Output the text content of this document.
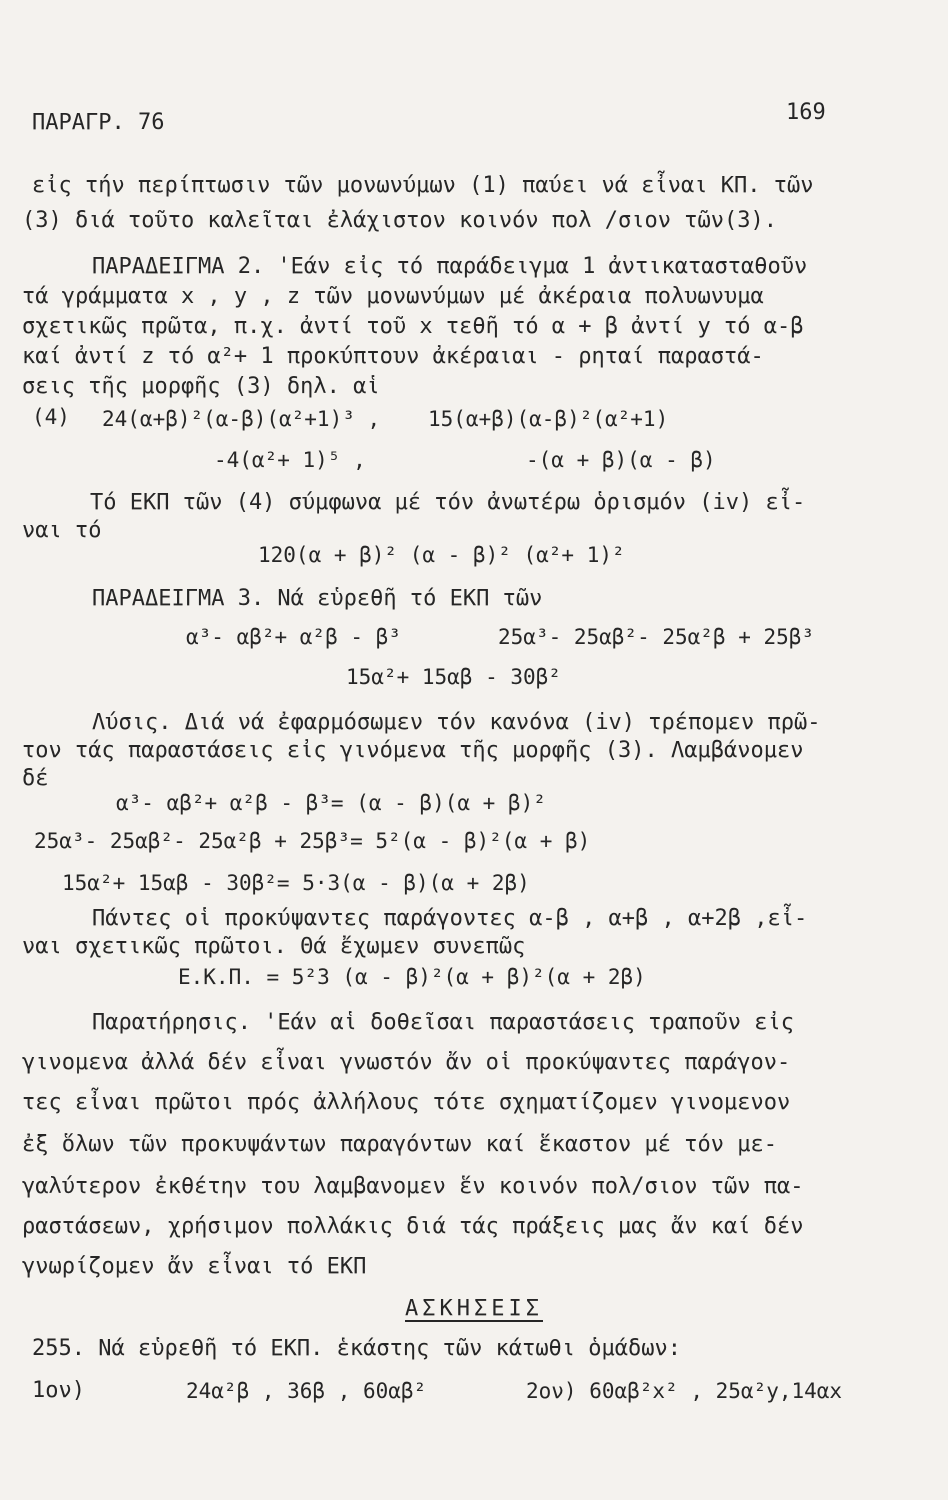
ΠΑΡΑΓΡ. 76	169
εἰς τήν περίπτωσιν τῶν μονωνύμων (1) παύει νά εἶναι ΚΠ. τῶν
(3) διά τοῦτο καλεῖται ἐλάχιστον κοινόν πολ /σιον τῶν(3).
ΠΑΡΑΔΕΙΓΜΑ 2. 'Εάν εἰς τό παράδειγμα 1 ἀντικατασταθοῦν
τά γράμματα x , y , z τῶν μονωνύμων μέ ἀκέραια πολυωνυμα
σχετικῶς πρῶτα, π.χ. ἀντί τοῦ x τεθῆ τό α + β ἀντί y τό α-β
καί ἀντί z τό α²+ 1 προκύπτουν ἀκέραιαι - ρηταί παραστά-
σεις τῆς μορφῆς (3) δηλ. αἱ
(4) 24(α+β)²(α-β)(α²+1)³ , 15(α+β)(α-β)²(α²+1)
-4(α²+ 1)⁵ ,	-(α + β)(α - β)
Τό ΕΚΠ τῶν (4) σύμφωνα μέ τόν ἀνωτέρω ὁρισμόν (iv) εἶ-
ναι τό
120(α + β)² (α - β)² (α²+ 1)²
ΠΑΡΑΔΕΙΓΜΑ 3. Νά εὑρεθῆ τό ΕΚΠ τῶν
α³- αβ²+ α²β - β³	25α³- 25αβ²- 25α²β + 25β³
15α²+ 15αβ - 30β²
Λύσις. Διά νά ἐφαρμόσωμεν τόν κανόνα (iv) τρέπομεν πρῶ-
τον τάς παραστάσεις εἰς γινόμενα τῆς μορφῆς (3). Λαμβάνομεν
δέ
α³- αβ²+ α²β - β³= (α - β)(α + β)²
25α³- 25αβ²- 25α²β + 25β³= 5²(α - β)²(α + β)
15α²+ 15αβ - 30β²= 5·3(α - β)(α + 2β)
Πάντες οἱ προκύψαντες παράγοντες α-β , α+β , α+2β ,εἶ-
ναι σχετικῶς πρῶτοι. Θά ἔχωμεν συνεπῶς
Ε.Κ.Π. = 5²3 (α - β)²(α + β)²(α + 2β)
Παρατήρησις. 'Εάν αἱ δοθεῖσαι παραστάσεις τραποῦν εἰς
γινομενα ἀλλά δέν εἶναι γνωστόν ἄν οἱ προκύψαντες παράγον-
τες εἶναι πρῶτοι πρός ἀλλήλους τότε σχηματίζομεν γινομενον
ἐξ ὅλων τῶν προκυψάντων παραγόντων καί ἕκαστον μέ τόν με-
γαλύτερον ἐκθέτην του λαμβανομεν ἕν κοινόν πολ/σιον τῶν πα-
ραστάσεων, χρήσιμον πολλάκις διά τάς πράξεις μας ἄν καί δέν
γνωρίζομεν ἄν εἶναι τό ΕΚΠ
ΑΣΚΗΣΕΙΣ
255. Νά εὑρεθῆ τό ΕΚΠ. ἑκάστης τῶν κάτωθι ὁμάδων:
1ον)	24α²β , 36β , 60αβ²	2ον) 60αβ²x² , 25α²y,14αx
